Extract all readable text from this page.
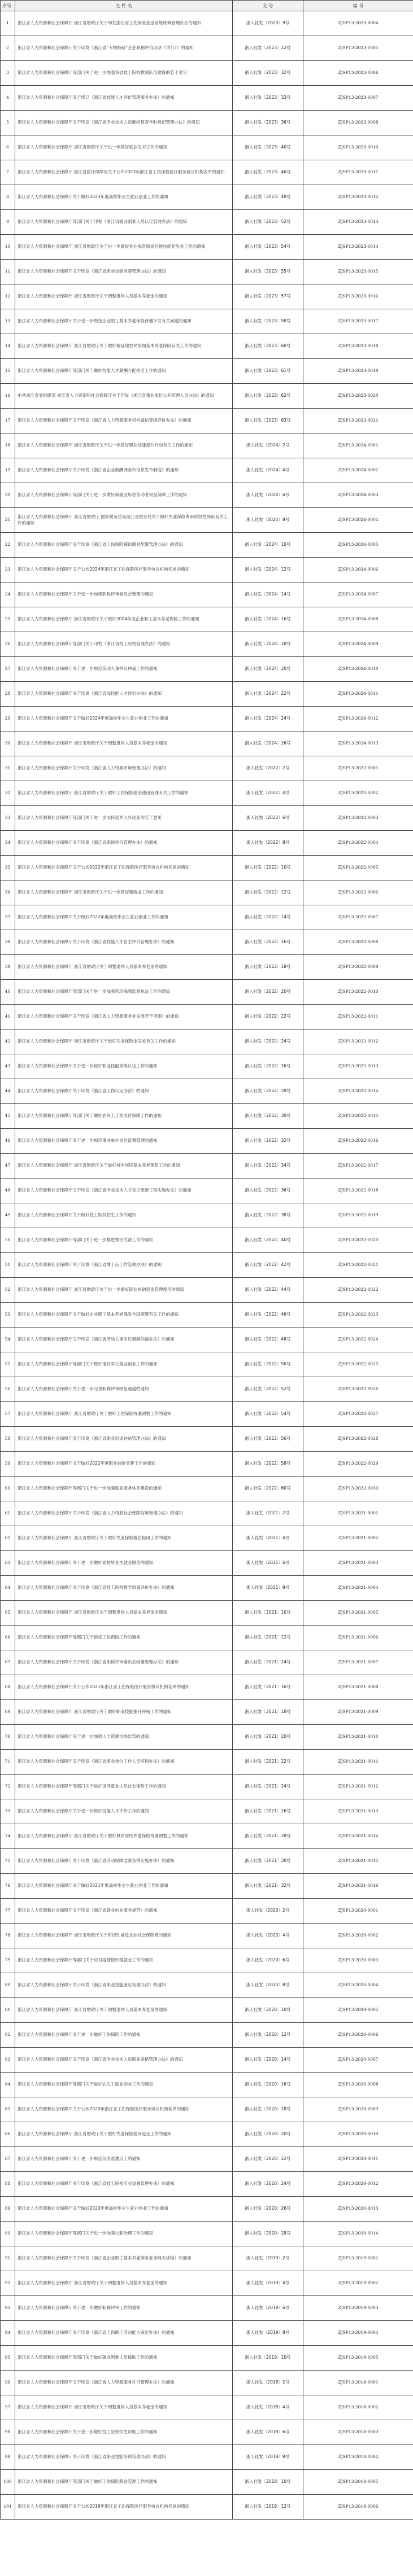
序号	文 件 名	文 号	编 号
1	浙江省人力资源和社会保障厅 浙江省财政厅关于印发浙江省工伤保险基金省级统筹管理办法的通知	浙人社发〔2023〕9号	ZJSP13-2023-0004
2	浙江省人力资源和社会保障厅关于印发《浙江省“专精特新”企业职称评价办法（试行）》的通知	浙人社发〔2023〕22号	ZJSP13-2023-0005
3	浙江省人力资源和社会保障厅等部门关于进一步加强我省技工院校教师队伍建设的若干意见	浙人社发〔2023〕32号	ZJSP13-2023-0006
4	浙江省人力资源和社会保障厅关于修订《浙江省技能人才评价管理服务办法》的通知	浙人社发〔2023〕33号	ZJSP13-2023-0007
5	浙江省人力资源和社会保障厅关于印发《浙江省专业技术人员继续教育学时登记管理办法》的通知	浙人社发〔2023〕36号	ZJSP13-2023-0008
6	浙江省人力资源和社会保障厅 浙江省财政厅关于进一步做好就业见习工作的通知	浙人社发〔2023〕40号	ZJSP13-2023-0010
7	浙江省人力资源和社会保障厅 浙江省医疗保障局关于公布2023年浙江省工伤保险医疗服务协议机构名单的通知	浙人社发〔2023〕46号	ZJSP13-2023-0011
8	浙江省人力资源和社会保障厅关于做好2023年度高校毕业生就业创业工作的通知	浙人社发〔2023〕48号	ZJSP13-2023-0012
9	浙江省人力资源和社会保障厅等部门关于印发《浙江省就业困难人员认定管理办法》的通知	浙人社发〔2023〕52号	ZJSP13-2023-0013
10	浙江省人力资源和社会保障厅 浙江省财政厅关于进一步做好失业保险稳岗位提技能防失业工作的通知	浙人社发〔2023〕54号	ZJSP13-2023-0014
11	浙江省人力资源和社会保障厅关于印发《浙江省职业技能竞赛管理办法》的通知	浙人社发〔2023〕55号	ZJSP13-2023-0015
12	浙江省人力资源和社会保障厅 浙江省财政厅关于调整退休人员基本养老金的通知	浙人社发〔2023〕57号	ZJSP13-2023-0016
13	浙江省人力资源和社会保障厅关于进一步规范企业职工基本养老保险待遇计发有关问题的通知	浙人社发〔2023〕58号	ZJSP13-2023-0017
14	浙江省人力资源和社会保障厅 浙江省财政厅关于做好被征地农民参加基本养老保险有关工作的通知	浙人社发〔2023〕60号	ZJSP13-2023-0018
15	浙江省人力资源和社会保障厅等部门关于做好技能人才薪酬分配指引工作的通知	浙人社发〔2023〕61号	ZJSP13-2023-0019
16	中共浙江省委组织部 浙江省人力资源和社会保障厅关于印发《浙江省事业单位公开招聘人员办法》的通知	浙人社发〔2023〕62号	ZJSP13-2023-0020
17	浙江省人力资源和社会保障厅关于印发《浙江省人力资源服务机构诚信等级评价办法》的通知	浙人社发〔2023〕63号	ZJSP13-2023-0021
18	浙江省人力资源和社会保障厅 浙江省财政厅关于进一步做好职业技能提升行动有关工作的通知	浙人社发〔2024〕2号	ZJSP13-2024-0001
19	浙江省人力资源和社会保障厅关于印发《浙江省企业薪酬调查和信息发布制度》的通知	浙人社发〔2024〕4号	ZJSP13-2024-0002
20	浙江省人力资源和社会保障厅等部门关于进一步做好新就业形态劳动者权益保障工作的通知	浙人社发〔2024〕6号	ZJSP13-2024-0003
21	浙江省人力资源和社会保障厅 浙江省财政厅 国家税务总局浙江省税务局关于做好失业保险费率阶段性降低有关工作的通知	浙人社发〔2024〕8号	ZJSP13-2024-0004
22	浙江省人力资源和社会保障厅关于印发《浙江省工伤保险辅助器具配置管理办法》的通知	浙人社发〔2024〕10号	ZJSP13-2024-0005
23	浙江省人力资源和社会保障厅关于公布2024年浙江省工伤保险医疗服务协议机构名单的通知	浙人社发〔2024〕12号	ZJSP13-2024-0006
24	浙江省人力资源和社会保障厅关于进一步加强职称评审委员会管理的通知	浙人社发〔2024〕14号	ZJSP13-2024-0007
25	浙江省人力资源和社会保障厅 浙江省财政厅关于做好2024年度企业职工基本养老保险工作的通知	浙人社发〔2024〕16号	ZJSP13-2024-0008
26	浙江省人力资源和社会保障厅等部门关于印发《浙江省技工院校管理办法》的通知	浙人社发〔2024〕18号	ZJSP13-2024-0009
27	浙江省人力资源和社会保障厅关于进一步规范劳动人事争议仲裁工作的通知	浙人社发〔2024〕20号	ZJSP13-2024-0010
28	浙江省人力资源和社会保障厅关于印发《浙江省高技能人才评价办法》的通知	浙人社发〔2024〕22号	ZJSP13-2024-0011
29	浙江省人力资源和社会保障厅关于做好2024年度高校毕业生就业创业工作的通知	浙人社发〔2024〕24号	ZJSP13-2024-0012
30	浙江省人力资源和社会保障厅 浙江省财政厅关于调整退休人员基本养老金的通知	浙人社发〔2024〕26号	ZJSP13-2024-0013
31	浙江省人力资源和社会保障厅关于印发《浙江省人力资源市场管理办法》的通知	浙人社发〔2022〕2号	ZJSP13-2022-0001
32	浙江省人力资源和社会保障厅 浙江省财政厅关于做好工伤保险基金使用管理有关工作的通知	浙人社发〔2022〕4号	ZJSP13-2022-0002
33	浙江省人力资源和社会保障厅等部门关于进一步支持返乡入乡创业的若干意见	浙人社发〔2022〕6号	ZJSP13-2022-0003
34	浙江省人力资源和社会保障厅关于印发《浙江省职称评价管理办法》的通知	浙人社发〔2022〕8号	ZJSP13-2022-0004
35	浙江省人力资源和社会保障厅关于公布2022年浙江省工伤保险医疗服务协议机构名单的通知	浙人社发〔2022〕10号	ZJSP13-2022-0005
36	浙江省人力资源和社会保障厅 浙江省财政厅关于进一步做好稳就业工作的通知	浙人社发〔2022〕12号	ZJSP13-2022-0006
37	浙江省人力资源和社会保障厅关于做好2022年度高校毕业生就业创业工作的通知	浙人社发〔2022〕14号	ZJSP13-2022-0007
38	浙江省人力资源和社会保障厅关于印发《浙江省技能人才自主评价管理办法》的通知	浙人社发〔2022〕16号	ZJSP13-2022-0008
39	浙江省人力资源和社会保障厅 浙江省财政厅关于调整退休人员基本养老金的通知	浙人社发〔2022〕18号	ZJSP13-2022-0009
40	浙江省人力资源和社会保障厅等部门关于进一步加强劳动保障监察执法工作的通知	浙人社发〔2022〕20号	ZJSP13-2022-0010
41	浙江省人力资源和社会保障厅关于印发《浙江省人力资源服务业发展若干措施》的通知	浙人社发〔2022〕22号	ZJSP13-2022-0011
42	浙江省人力资源和社会保障厅 浙江省财政厅关于做好失业保险金发放有关工作的通知	浙人社发〔2022〕24号	ZJSP13-2022-0012
43	浙江省人力资源和社会保障厅关于进一步做好职业技能等级认定工作的通知	浙人社发〔2022〕26号	ZJSP13-2022-0013
44	浙江省人力资源和社会保障厅关于印发《浙江省工伤认定办法》的通知	浙人社发〔2022〕28号	ZJSP13-2022-0014
45	浙江省人力资源和社会保障厅等部门关于做好农民工工资支付保障工作的通知	浙人社发〔2022〕30号	ZJSP13-2022-0015
46	浙江省人力资源和社会保障厅关于进一步规范事业单位岗位设置管理的通知	浙人社发〔2022〕32号	ZJSP13-2022-0016
47	浙江省人力资源和社会保障厅 浙江省财政厅关于做好城乡居民基本养老保险工作的通知	浙人社发〔2022〕34号	ZJSP13-2022-0017
48	浙江省人力资源和社会保障厅关于印发《浙江省专业技术人才知识更新工程实施办法》的通知	浙人社发〔2022〕36号	ZJSP13-2022-0018
49	浙江省人力资源和社会保障厅关于做好技工院校招生工作的通知	浙人社发〔2022〕38号	ZJSP13-2022-0019
50	浙江省人力资源和社会保障厅等部门关于进一步推进根治欠薪工作的通知	浙人社发〔2022〕40号	ZJSP13-2022-0020
51	浙江省人力资源和社会保障厅关于印发《浙江省博士后工作管理办法》的通知	浙人社发〔2022〕42号	ZJSP13-2022-0021
52	浙江省人力资源和社会保障厅 浙江省财政厅关于进一步做好就业补助资金管理使用的通知	浙人社发〔2022〕44号	ZJSP13-2022-0022
53	浙江省人力资源和社会保障厅关于做好企业职工基本养老保险全国统筹有关工作的通知	浙人社发〔2022〕46号	ZJSP13-2022-0023
54	浙江省人力资源和社会保障厅关于印发《浙江省劳动人事争议调解仲裁办法》的通知	浙人社发〔2022〕48号	ZJSP13-2022-0024
55	浙江省人力资源和社会保障厅等部门关于做好退役军人就业创业工作的通知	浙人社发〔2022〕50号	ZJSP13-2022-0025
56	浙江省人力资源和社会保障厅关于进一步完善职称评审绿色通道的通知	浙人社发〔2022〕52号	ZJSP13-2022-0026
57	浙江省人力资源和社会保障厅 浙江省财政厅关于做好工伤保险待遇调整工作的通知	浙人社发〔2022〕54号	ZJSP13-2022-0027
58	浙江省人力资源和社会保障厅关于印发《浙江省职业培训补贴管理办法》的通知	浙人社发〔2022〕56号	ZJSP13-2022-0028
59	浙江省人力资源和社会保障厅关于做好2022年度职业技能竞赛工作的通知	浙人社发〔2022〕58号	ZJSP13-2022-0029
60	浙江省人力资源和社会保障厅等部门关于进一步加强就业服务体系建设的通知	浙人社发〔2022〕60号	ZJSP13-2022-0030
61	浙江省人力资源和社会保障厅关于印发《浙江省人力资源社会保障信用管理办法》的通知	浙人社发〔2021〕2号	ZJSP13-2021-0001
62	浙江省人力资源和社会保障厅 浙江省财政厅关于做好失业保险援企稳岗工作的通知	浙人社发〔2021〕4号	ZJSP13-2021-0002
63	浙江省人力资源和社会保障厅关于进一步做好高校毕业生就业服务的通知	浙人社发〔2021〕6号	ZJSP13-2021-0003
64	浙江省人力资源和社会保障厅关于印发《浙江省技工院校教学质量评价办法》的通知	浙人社发〔2021〕8号	ZJSP13-2021-0004
65	浙江省人力资源和社会保障厅 浙江省财政厅关于调整退休人员基本养老金的通知	浙人社发〔2021〕10号	ZJSP13-2021-0005
66	浙江省人力资源和社会保障厅等部门关于推进工伤预防工作的通知	浙人社发〔2021〕12号	ZJSP13-2021-0006
67	浙江省人力资源和社会保障厅关于印发《浙江省职称评审委员会组建管理办法》的通知	浙人社发〔2021〕14号	ZJSP13-2021-0007
68	浙江省人力资源和社会保障厅关于公布2021年浙江省工伤保险医疗服务协议机构名单的通知	浙人社发〔2021〕16号	ZJSP13-2021-0008
69	浙江省人力资源和社会保障厅 浙江省财政厅关于做好职业技能提升补贴工作的通知	浙人社发〔2021〕18号	ZJSP13-2021-0009
70	浙江省人力资源和社会保障厅关于进一步加强人力资源市场监管的通知	浙人社发〔2021〕20号	ZJSP13-2021-0010
71	浙江省人力资源和社会保障厅关于印发《浙江省事业单位工作人员培训办法》的通知	浙人社发〔2021〕22号	ZJSP13-2021-0011
72	浙江省人力资源和社会保障厅等部门关于做好灵活就业人员社会保险工作的通知	浙人社发〔2021〕24号	ZJSP13-2021-0012
73	浙江省人力资源和社会保障厅关于进一步做好技能人才评价工作的通知	浙人社发〔2021〕26号	ZJSP13-2021-0013
74	浙江省人力资源和社会保障厅 浙江省财政厅关于做好城乡居民养老保险待遇调整工作的通知	浙人社发〔2021〕28号	ZJSP13-2021-0014
75	浙江省人力资源和社会保障厅关于印发《浙江省劳动保障监察条例实施办法》的通知	浙人社发〔2021〕30号	ZJSP13-2021-0015
76	浙江省人力资源和社会保障厅关于做好2021年度高校毕业生就业创业工作的通知	浙人社发〔2021〕32号	ZJSP13-2021-0016
77	浙江省人力资源和社会保障厅关于印发《浙江省就业创业服务规范》的通知	浙人社发〔2020〕2号	ZJSP13-2020-0001
78	浙江省人力资源和社会保障厅 浙江省财政厅关于阶段性减免企业社会保险费的通知	浙人社发〔2020〕4号	ZJSP13-2020-0002
79	浙江省人力资源和社会保障厅等部门关于应对疫情做好稳就业工作的通知	浙人社发〔2020〕6号	ZJSP13-2020-0003
80	浙江省人力资源和社会保障厅关于印发《浙江省职业技能鉴定管理办法》的通知	浙人社发〔2020〕8号	ZJSP13-2020-0004
81	浙江省人力资源和社会保障厅 浙江省财政厅关于调整退休人员基本养老金的通知	浙人社发〔2020〕10号	ZJSP13-2020-0005
82	浙江省人力资源和社会保障厅关于进一步做好工伤保险工作的通知	浙人社发〔2020〕12号	ZJSP13-2020-0006
83	浙江省人力资源和社会保障厅关于印发《浙江省专业技术人员职业资格管理办法》的通知	浙人社发〔2020〕14号	ZJSP13-2020-0007
84	浙江省人力资源和社会保障厅等部门关于做好农民工就业创业工作的通知	浙人社发〔2020〕16号	ZJSP13-2020-0008
85	浙江省人力资源和社会保障厅关于公布2020年浙江省工伤保险医疗服务协议机构名单的通知	浙人社发〔2020〕18号	ZJSP13-2020-0009
86	浙江省人力资源和社会保障厅 浙江省财政厅关于做好失业保险稳岗返还工作的通知	浙人社发〔2020〕20号	ZJSP13-2020-0010
87	浙江省人力资源和社会保障厅关于进一步规范劳务派遣用工的通知	浙人社发〔2020〕22号	ZJSP13-2020-0011
88	浙江省人力资源和社会保障厅关于印发《浙江省技工院校专业设置管理办法》的通知	浙人社发〔2020〕24号	ZJSP13-2020-0012
89	浙江省人力资源和社会保障厅关于做好2020年度高校毕业生就业创业工作的通知	浙人社发〔2020〕26号	ZJSP13-2020-0013
90	浙江省人力资源和社会保障厅等部门关于进一步加强欠薪治理工作的通知	浙人社发〔2020〕28号	ZJSP13-2020-0014
91	浙江省人力资源和社会保障厅关于印发《浙江省企业职工基本养老保险业务经办规程》的通知	浙人社发〔2019〕2号	ZJSP13-2019-0001
92	浙江省人力资源和社会保障厅 浙江省财政厅关于调整退休人员基本养老金的通知	浙人社发〔2019〕4号	ZJSP13-2019-0002
93	浙江省人力资源和社会保障厅关于进一步做好职称评审工作的通知	浙人社发〔2019〕6号	ZJSP13-2019-0003
94	浙江省人力资源和社会保障厅关于印发《浙江省工伤职工劳动能力鉴定办法》的通知	浙人社发〔2019〕8号	ZJSP13-2019-0004
95	浙江省人力资源和社会保障厅等部门关于做好就业困难人员援助工作的通知	浙人社发〔2019〕10号	ZJSP13-2019-0005
96	浙江省人力资源和社会保障厅关于印发《浙江省人力资源服务许可管理办法》的通知	浙人社发〔2018〕2号	ZJSP13-2018-0001
97	浙江省人力资源和社会保障厅 浙江省财政厅关于调整退休人员基本养老金的通知	浙人社发〔2018〕4号	ZJSP13-2018-0002
98	浙江省人力资源和社会保障厅关于进一步做好技工院校学生资助工作的通知	浙人社发〔2018〕6号	ZJSP13-2018-0003
99	浙江省人力资源和社会保障厅关于印发《浙江省职业技能培训管理办法》的通知	浙人社发〔2018〕8号	ZJSP13-2018-0004
100	浙江省人力资源和社会保障厅等部门关于做好工伤保险基金管理工作的通知	浙人社发〔2018〕10号	ZJSP13-2018-0005
101	浙江省人力资源和社会保障厅关于公布2018年浙江省工伤保险医疗服务协议机构名单的通知	浙人社发〔2018〕12号	ZJSP13-2018-0006
